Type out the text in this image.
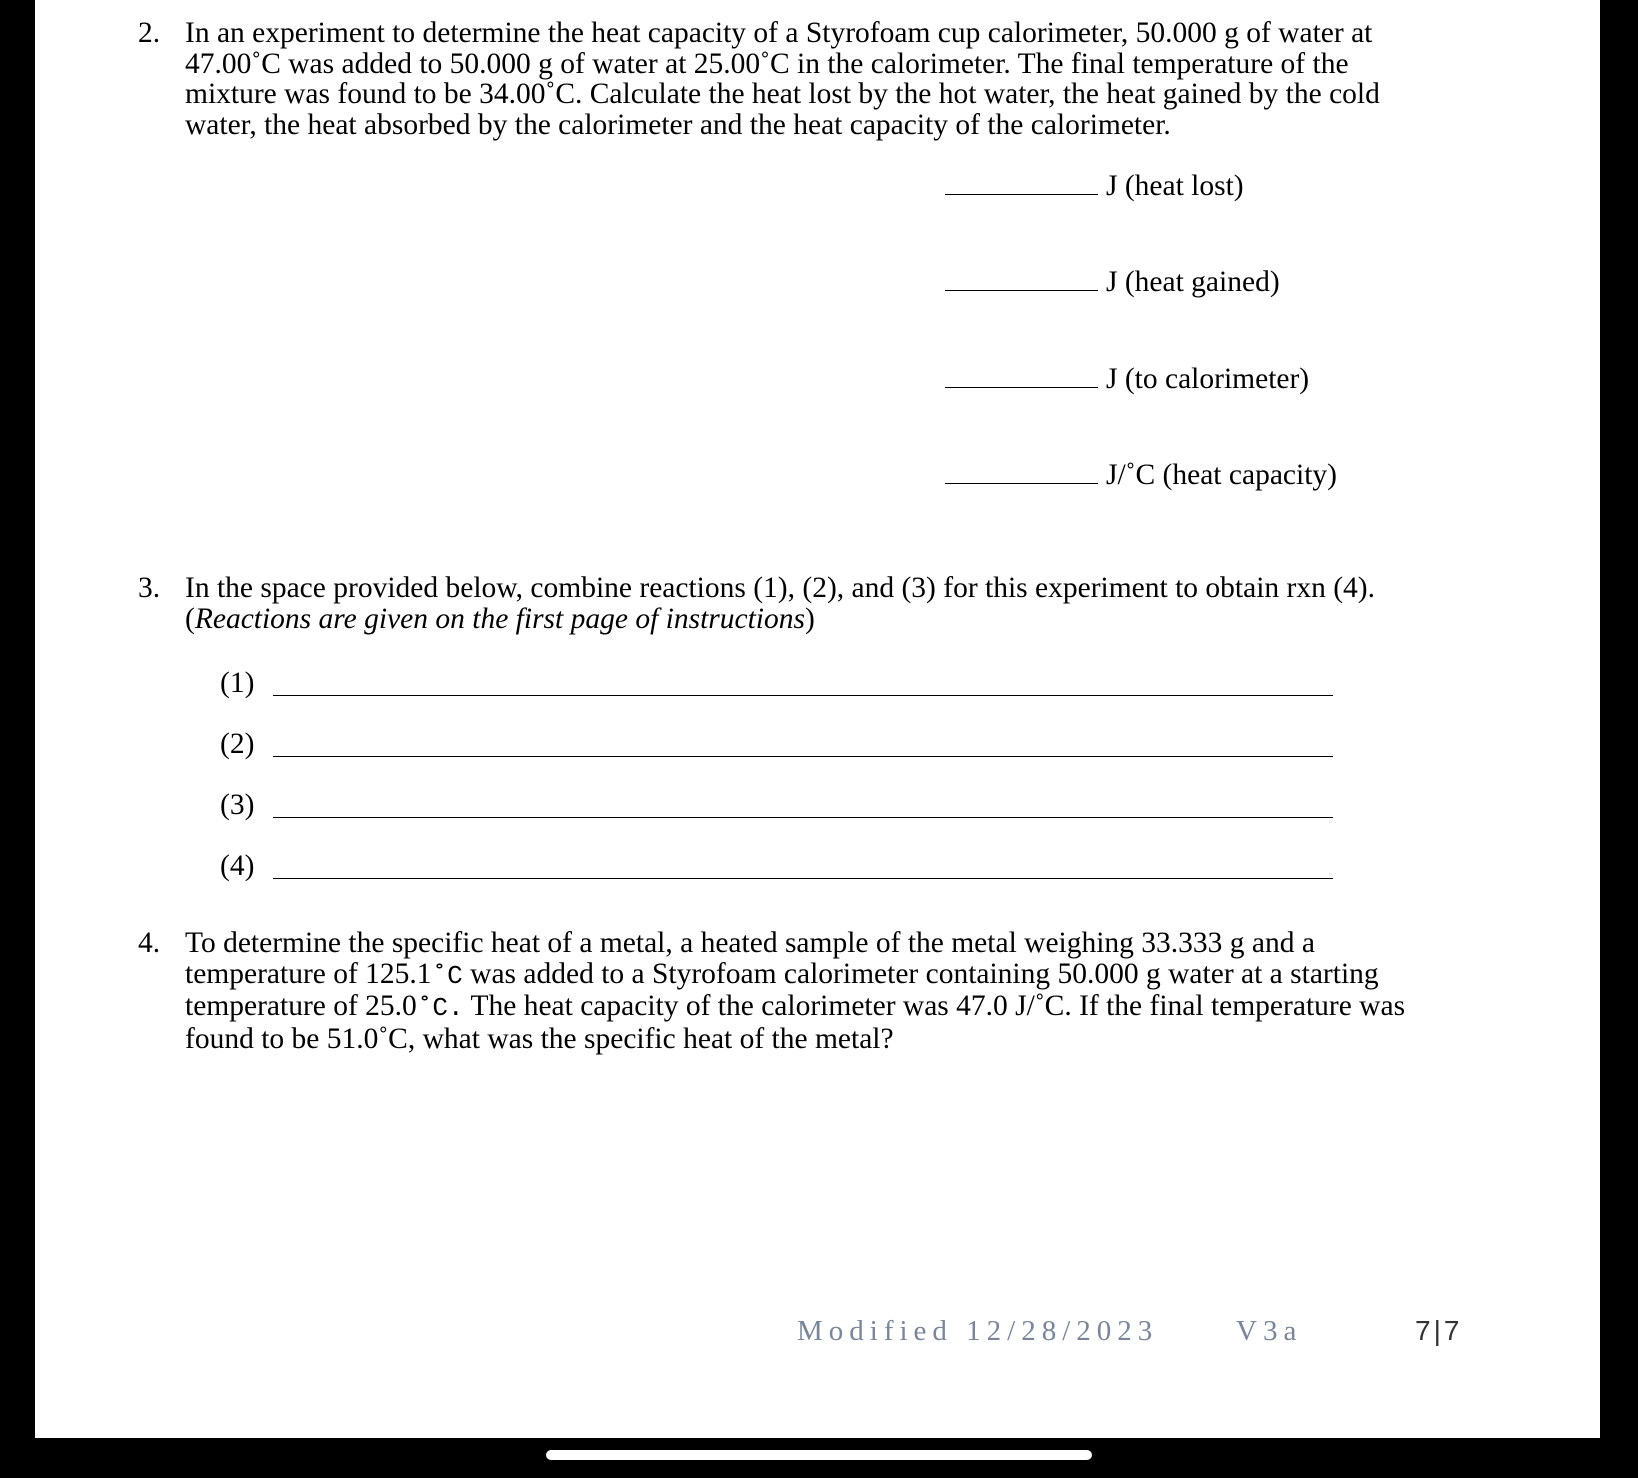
2. In an experiment to determine the heat capacity of a Styrofoam cup calorimeter, 50.000 g of water at
47.00˚C was added to 50.000 g of water at 25.00˚C in the calorimeter. The final temperature of the
mixture was found to be 34.00˚C. Calculate the heat lost by the hot water, the heat gained by the cold
water, the heat absorbed by the calorimeter and the heat capacity of the calorimeter.
J (heat lost)
J (heat gained)
J (to calorimeter)
J/˚C (heat capacity)
3. In the space provided below, combine reactions (1), (2), and (3) for this experiment to obtain rxn (4).
(Reactions are given on the first page of instructions)
(1)
(2)
(3)
(4)
4. To determine the specific heat of a metal, a heated sample of the metal weighing 33.333 g and a
temperature of 125.1˚C was added to a Styrofoam calorimeter containing 50.000 g water at a starting
temperature of 25.0˚C. The heat capacity of the calorimeter was 47.0 J/˚C. If the final temperature was
found to be 51.0˚C, what was the specific heat of the metal?
Modified 12/28/2023	V3a	7|7
